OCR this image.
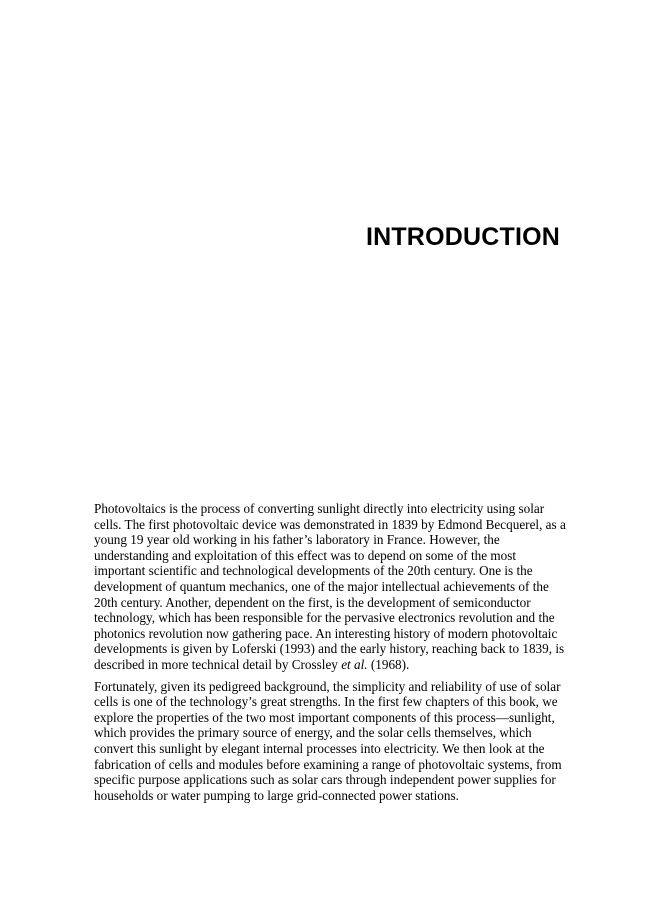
INTRODUCTION

Photovoltaics is the process of converting sunlight directly into electricity using solar cells. The first photovoltaic device was demonstrated in 1839 by Edmond Becquerel, as a young 19 year old working in his father’s laboratory in France. However, the understanding and exploitation of this effect was to depend on some of the most important scientific and technological developments of the 20th century. One is the development of quantum mechanics, one of the major intellectual achievements of the 20th century. Another, dependent on the first, is the development of semiconductor technology, which has been responsible for the pervasive electronics revolution and the photonics revolution now gathering pace. An interesting history of modern photovoltaic developments is given by Loferski (1993) and the early history, reaching back to 1839, is described in more technical detail by Crossley et al. (1968).

Fortunately, given its pedigreed background, the simplicity and reliability of use of solar cells is one of the technology’s great strengths. In the first few chapters of this book, we explore the properties of the two most important components of this process—sunlight, which provides the primary source of energy, and the solar cells themselves, which convert this sunlight by elegant internal processes into electricity. We then look at the fabrication of cells and modules before examining a range of photovoltaic systems, from specific purpose applications such as solar cars through independent power supplies for households or water pumping to large grid-connected power stations.
